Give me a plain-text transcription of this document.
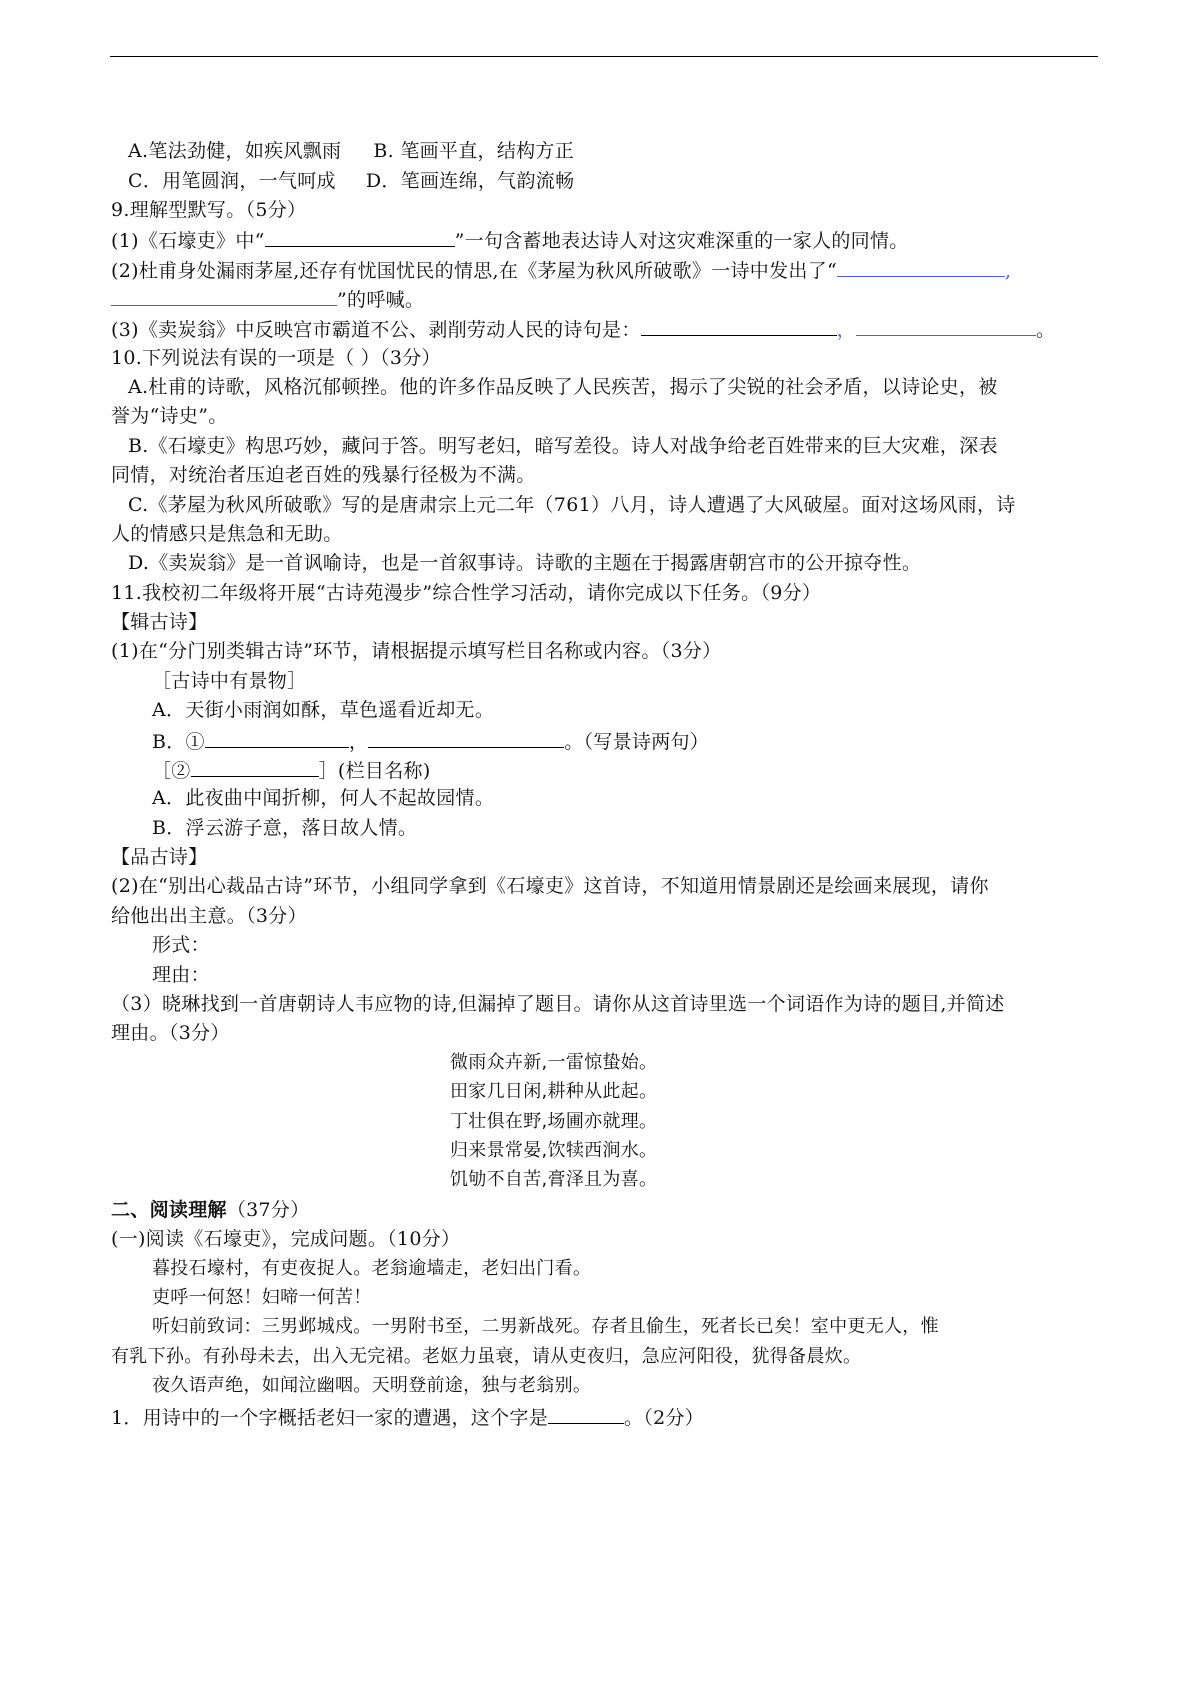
A.笔法劲健，如疾风飘雨 B. 笔画平直，结构方正
C．用笔圆润，一气呵成 D．笔画连绵，气韵流畅
9.理解型默写。（5分）
(1)《石壕吏》中“	”一句含蓄地表达诗人对这灾难深重的一家人的同情。
(2)杜甫身处漏雨茅屋,还存有忧国忧民的情思,在《茅屋为秋风所破歌》一诗中发出了“	,
”的呼喊。
(3)《卖炭翁》中反映宫市霸道不公、剥削劳动人民的诗句是：	，	。
10.下列说法有误的一项是（ ）（3分）
A.杜甫的诗歌，风格沉郁顿挫。他的许多作品反映了人民疾苦，揭示了尖锐的社会矛盾，以诗论史，被
誉为“诗史”。
B.《石壕吏》构思巧妙，藏问于答。明写老妇，暗写差役。诗人对战争给老百姓带来的巨大灾难，深表
同情，对统治者压迫老百姓的残暴行径极为不满。
C.《茅屋为秋风所破歌》写的是唐肃宗上元二年（761）八月，诗人遭遇了大风破屋。面对这场风雨，诗
人的情感只是焦急和无助。
D.《卖炭翁》是一首讽喻诗，也是一首叙事诗。诗歌的主题在于揭露唐朝宫市的公开掠夺性。
11.我校初二年级将开展“古诗苑漫步”综合性学习活动，请你完成以下任务。（9分）
【辑古诗】
(1)在“分门别类辑古诗”环节，请根据提示填写栏目名称或内容。（3分）
［古诗中有景物］
A．天街小雨润如酥，草色遥看近却无。
B．①	，	。（写景诗两句）
［②	］(栏目名称)
A．此夜曲中闻折柳，何人不起故园情。
B．浮云游子意，落日故人情。
【品古诗】
(2)在“别出心裁品古诗”环节，小组同学拿到《石壕吏》这首诗，不知道用情景剧还是绘画来展现，请你
给他出出主意。（3分）
形式：
理由：
（3）晓琳找到一首唐朝诗人韦应物的诗,但漏掉了题目。请你从这首诗里选一个词语作为诗的题目,并简述
理由。（3分）
微雨众卉新,一雷惊蛰始。
田家几日闲,耕种从此起。
丁壮俱在野,场圃亦就理。
归来景常晏,饮犊西涧水。
饥劬不自苦,膏泽且为喜。
二、阅读理解（37分）
(一)阅读《石壕吏》，完成问题。（10分）
暮投石壕村，有吏夜捉人。老翁逾墙走，老妇出门看。
吏呼一何怒！妇啼一何苦！
听妇前致词：三男邺城戍。一男附书至，二男新战死。存者且偷生，死者长已矣！室中更无人，惟
有乳下孙。有孙母未去，出入无完裙。老妪力虽衰，请从吏夜归，急应河阳役，犹得备晨炊。
夜久语声绝，如闻泣幽咽。天明登前途，独与老翁别。
1．用诗中的一个字概括老妇一家的遭遇，这个字是	。（2分）
